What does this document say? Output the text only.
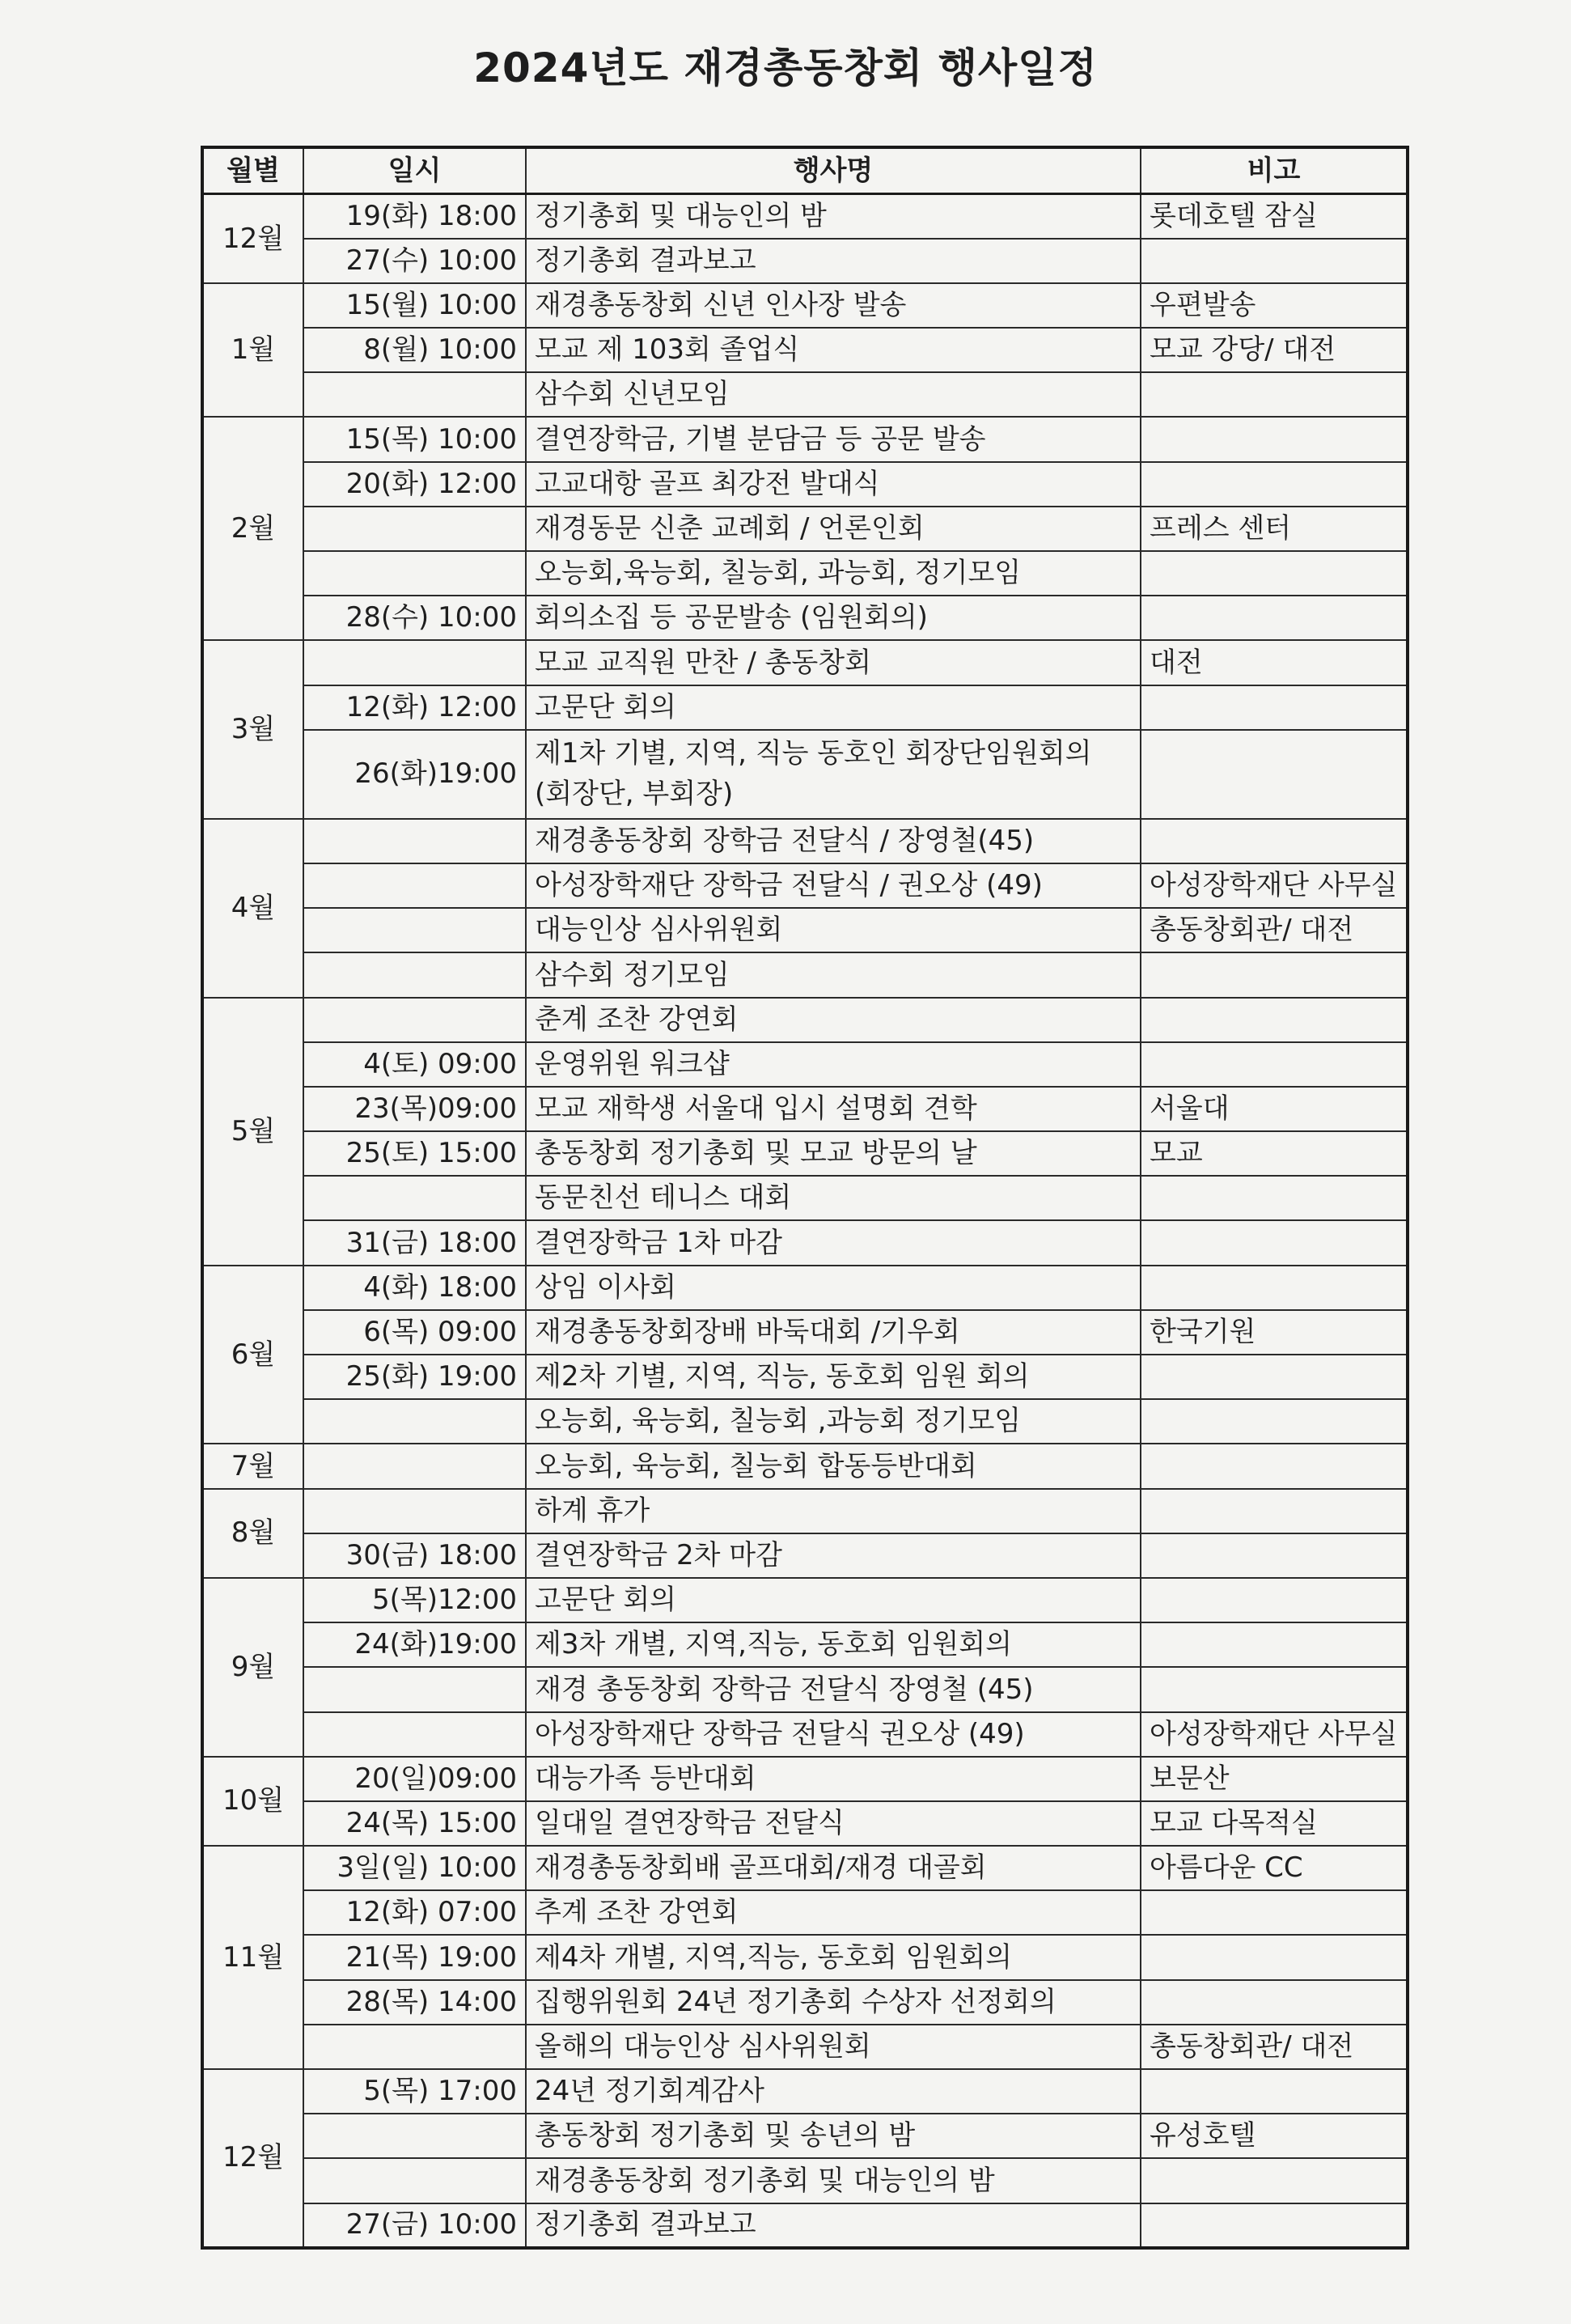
2024년도 재경총동창회 행사일정
월별	일시	행사명	비고
12월	19(화) 18:00	정기총회 및 대능인의 밤	롯데호텔 잠실
	27(수) 10:00	정기총회 결과보고	
1월	15(월) 10:00	재경총동창회 신년 인사장 발송	우편발송
	8(월) 10:00	모교 제 103회 졸업식	모교 강당/ 대전
		삼수회 신년모임	
2월	15(목) 10:00	결연장학금, 기별 분담금 등 공문 발송	
	20(화) 12:00	고교대항 골프 최강전 발대식	
		재경동문 신춘 교례회 / 언론인회	프레스 센터
		오능회,육능회, 칠능회, 과능회, 정기모임	
	28(수) 10:00	회의소집 등 공문발송 (임원회의)	
3월		모교 교직원 만찬 / 총동창회	대전
	12(화) 12:00	고문단 회의	
	26(화)19:00	제1차 기별, 지역, 직능 동호인 회장단임원회의 (회장단, 부회장)	
4월		재경총동창회 장학금 전달식 / 장영철(45)	
		아성장학재단 장학금 전달식 / 권오상 (49)	아성장학재단 사무실
		대능인상 심사위원회	총동창회관/ 대전
		삼수회 정기모임	
5월		춘계 조찬 강연회	
	4(토) 09:00	운영위원 워크샵	
	23(목)09:00	모교 재학생 서울대 입시 설명회 견학	서울대
	25(토) 15:00	총동창회 정기총회 및 모교 방문의 날	모교
		동문친선 테니스 대회	
	31(금) 18:00	결연장학금 1차 마감	
6월	4(화) 18:00	상임 이사회	
	6(목) 09:00	재경총동창회장배 바둑대회 /기우회	한국기원
	25(화) 19:00	제2차 기별, 지역, 직능, 동호회 임원 회의	
		오능회, 육능회, 칠능회 ,과능회 정기모임	
7월		오능회, 육능회, 칠능회 합동등반대회	
8월		하계 휴가	
	30(금) 18:00	결연장학금 2차 마감	
9월	5(목)12:00	고문단 회의	
	24(화)19:00	제3차 개별, 지역,직능, 동호회 임원회의	
		재경 총동창회 장학금 전달식 장영철 (45)	
		아성장학재단 장학금 전달식 권오상 (49)	아성장학재단 사무실
10월	20(일)09:00	대능가족 등반대회	보문산
	24(목) 15:00	일대일 결연장학금 전달식	모교 다목적실
11월	3일(일) 10:00	재경총동창회배 골프대회/재경 대골회	아름다운 CC
	12(화) 07:00	추계 조찬 강연회	
	21(목) 19:00	제4차 개별, 지역,직능, 동호회 임원회의	
	28(목) 14:00	집행위원회 24년 정기총회 수상자 선정회의	
		올해의 대능인상 심사위원회	총동창회관/ 대전
12월	5(목) 17:00	24년 정기회계감사	
		총동창회 정기총회 및 송년의 밤	유성호텔
		재경총동창회 정기총회 및 대능인의 밤	
	27(금) 10:00	정기총회 결과보고	
